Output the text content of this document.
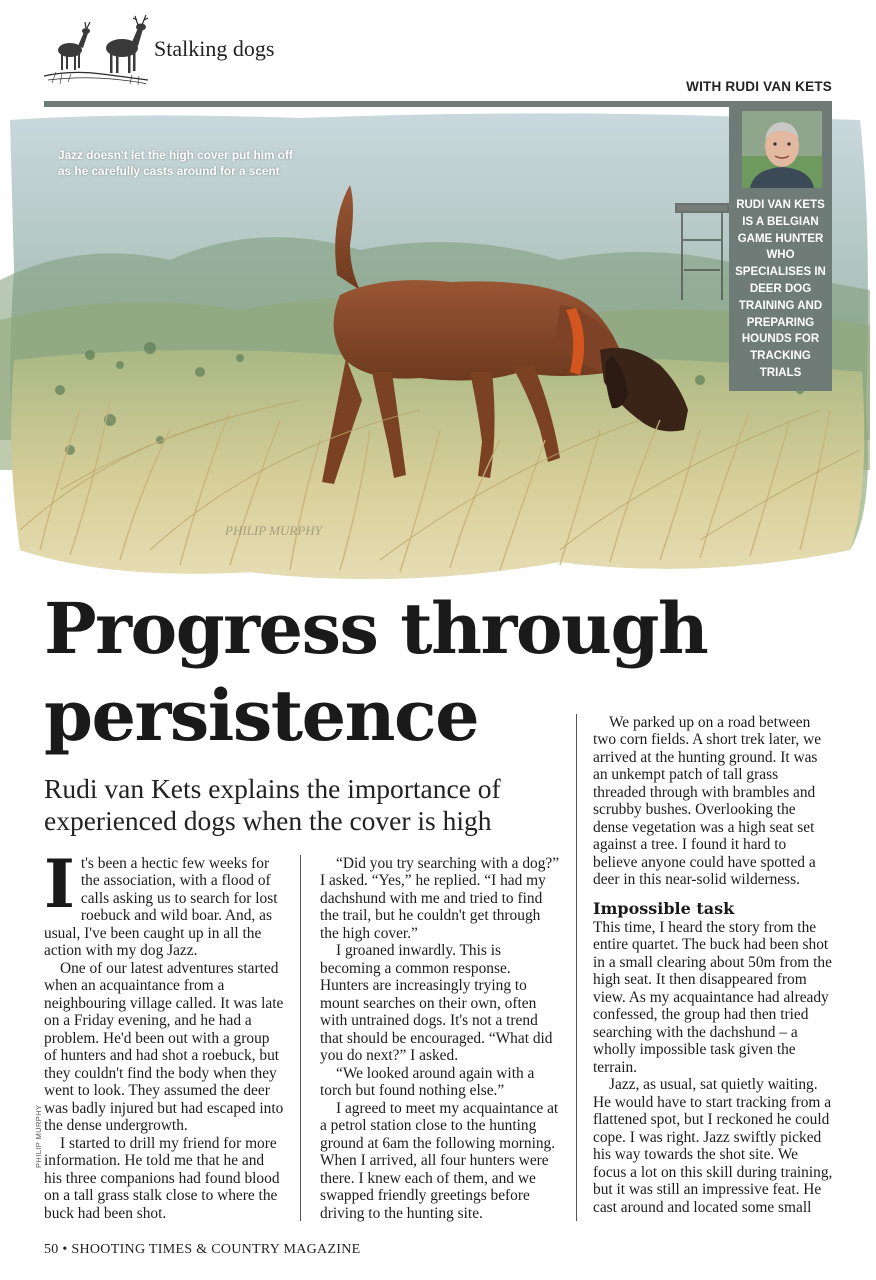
Stalking dogs
WITH RUDI VAN KETS
PHILIP MURPHY
Jazz doesn't let the high cover put him off as he carefully casts around for a scent
RUDI VAN KETS IS A BELGIAN GAME HUNTER WHO SPECIALISES IN DEER DOG TRAINING AND PREPARING HOUNDS FOR TRACKING TRIALS
Progress through
persistence
Rudi van Kets explains the importance of experienced dogs when the cover is high
I t's been a hectic few weeks for the association, with a flood of calls asking us to search for lost roebuck and wild boar. And, as usual, I've been caught up in all the action with my dog Jazz.

One of our latest adventures started when an acquaintance from a neighbouring village called. It was late on a Friday evening, and he had a problem. He'd been out with a group of hunters and had shot a roebuck, but they couldn't find the body when they went to look. They assumed the deer was badly injured but had escaped into the dense undergrowth.

I started to drill my friend for more information. He told me that he and his three companions had found blood on a tall grass stalk close to where the buck had been shot.

“Did you try searching with a dog?” I asked. “Yes,” he replied. “I had my dachshund with me and tried to find the trail, but he couldn't get through the high cover.”

I groaned inwardly. This is becoming a common response. Hunters are increasingly trying to mount searches on their own, often with untrained dogs. It's not a trend that should be encouraged. “What did you do next?” I asked.

“We looked around again with a torch but found nothing else.”

I agreed to meet my acquaintance at a petrol station close to the hunting ground at 6am the following morning. When I arrived, all four hunters were there. I knew each of them, and we swapped friendly greetings before driving to the hunting site.

We parked up on a road between two corn fields. A short trek later, we arrived at the hunting ground. It was an unkempt patch of tall grass threaded through with brambles and scrubby bushes. Overlooking the dense vegetation was a high seat set against a tree. I found it hard to believe anyone could have spotted a deer in this near-solid wilderness.

Impossible task

This time, I heard the story from the entire quartet. The buck had been shot in a small clearing about 50m from the high seat. It then disappeared from view. As my acquaintance had already confessed, the group had then tried searching with the dachshund – a wholly impossible task given the terrain.

Jazz, as usual, sat quietly waiting. He would have to start tracking from a flattened spot, but I reckoned he could cope. I was right. Jazz swiftly picked his way towards the shot site. We focus a lot on this skill during training, but it was still an impressive feat. He cast around and located some small

PHILIP MURPHY
50 • SHOOTING TIMES & COUNTRY MAGAZINE
